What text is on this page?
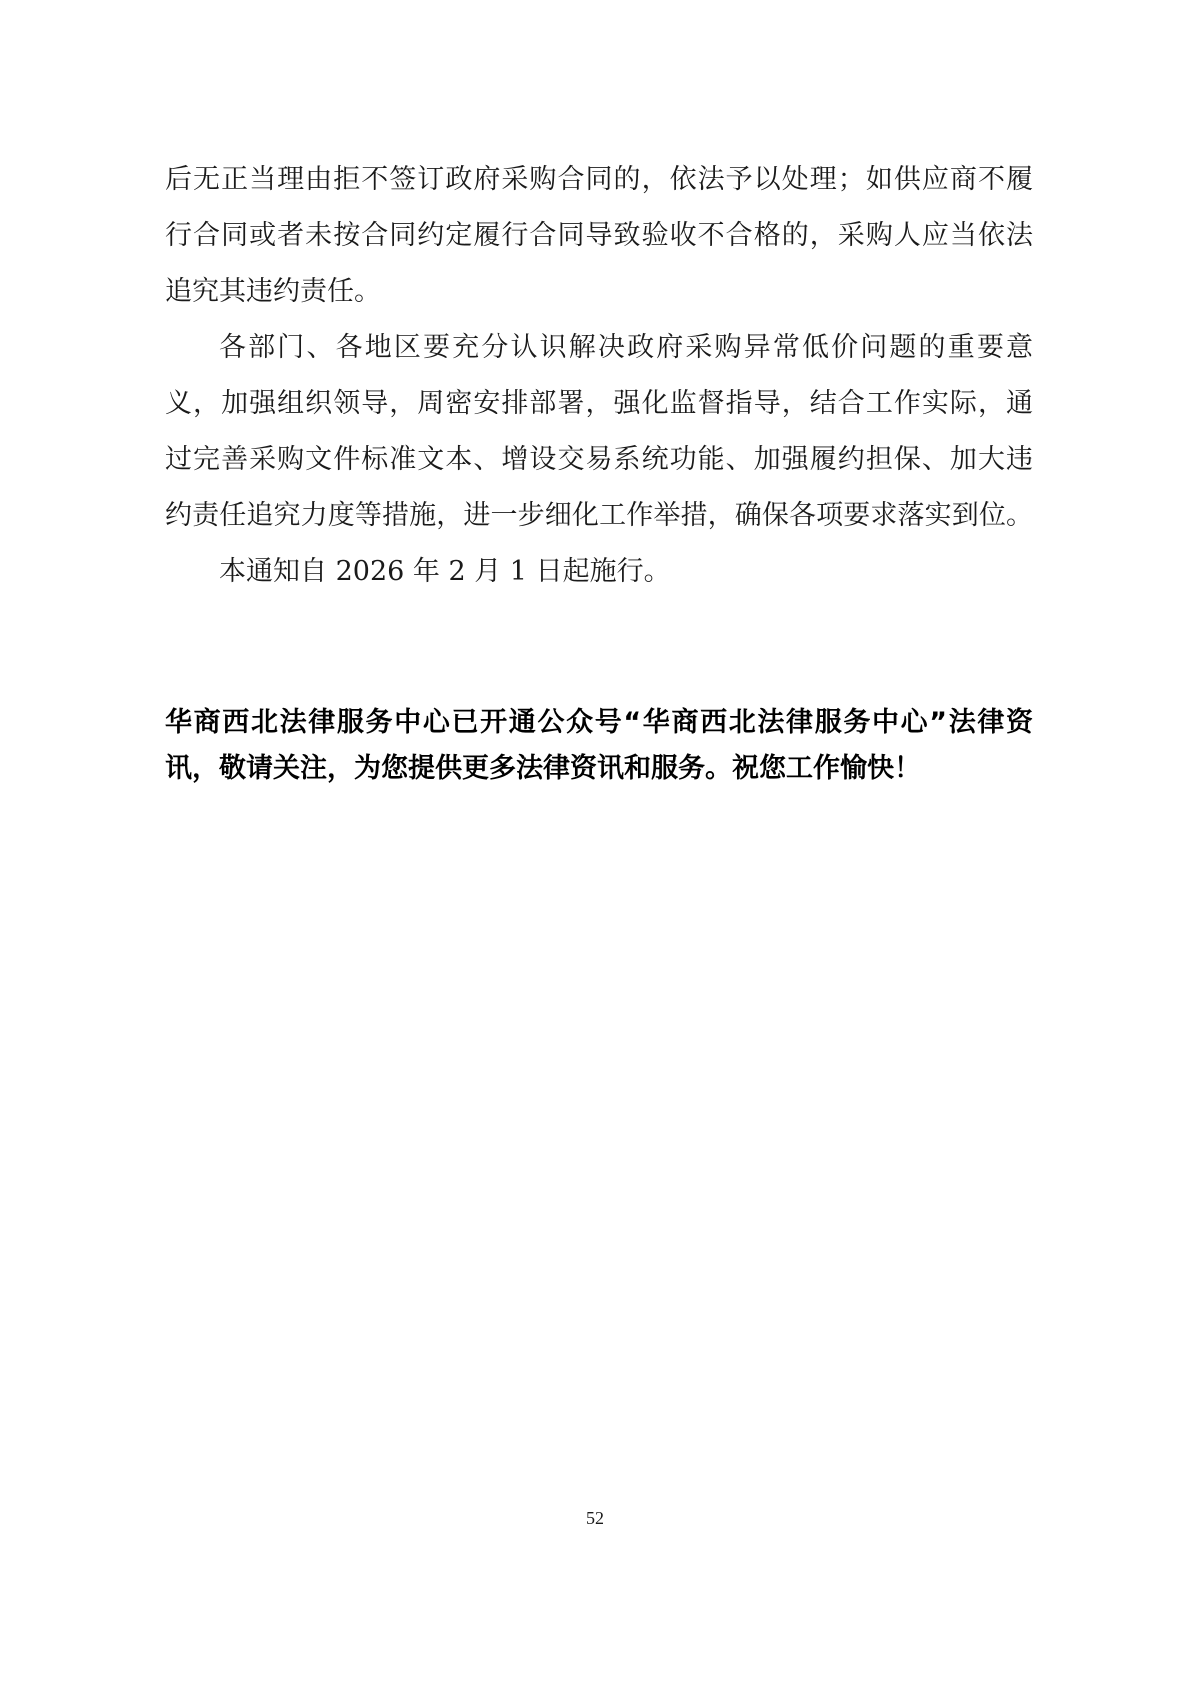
后无正当理由拒不签订政府采购合同的，依法予以处理；如供应商不履
行合同或者未按合同约定履行合同导致验收不合格的，采购人应当依法
追究其违约责任。
各部门、各地区要充分认识解决政府采购异常低价问题的重要意
义，加强组织领导，周密安排部署，强化监督指导，结合工作实际，通
过完善采购文件标准文本、增设交易系统功能、加强履约担保、加大违
约责任追究力度等措施，进一步细化工作举措，确保各项要求落实到位。
本通知自 2026 年 2 月 1 日起施行。
华商西北法律服务中心已开通公众号“华商西北法律服务中心”法律资
讯，敬请关注，为您提供更多法律资讯和服务。祝您工作愉快！
52
